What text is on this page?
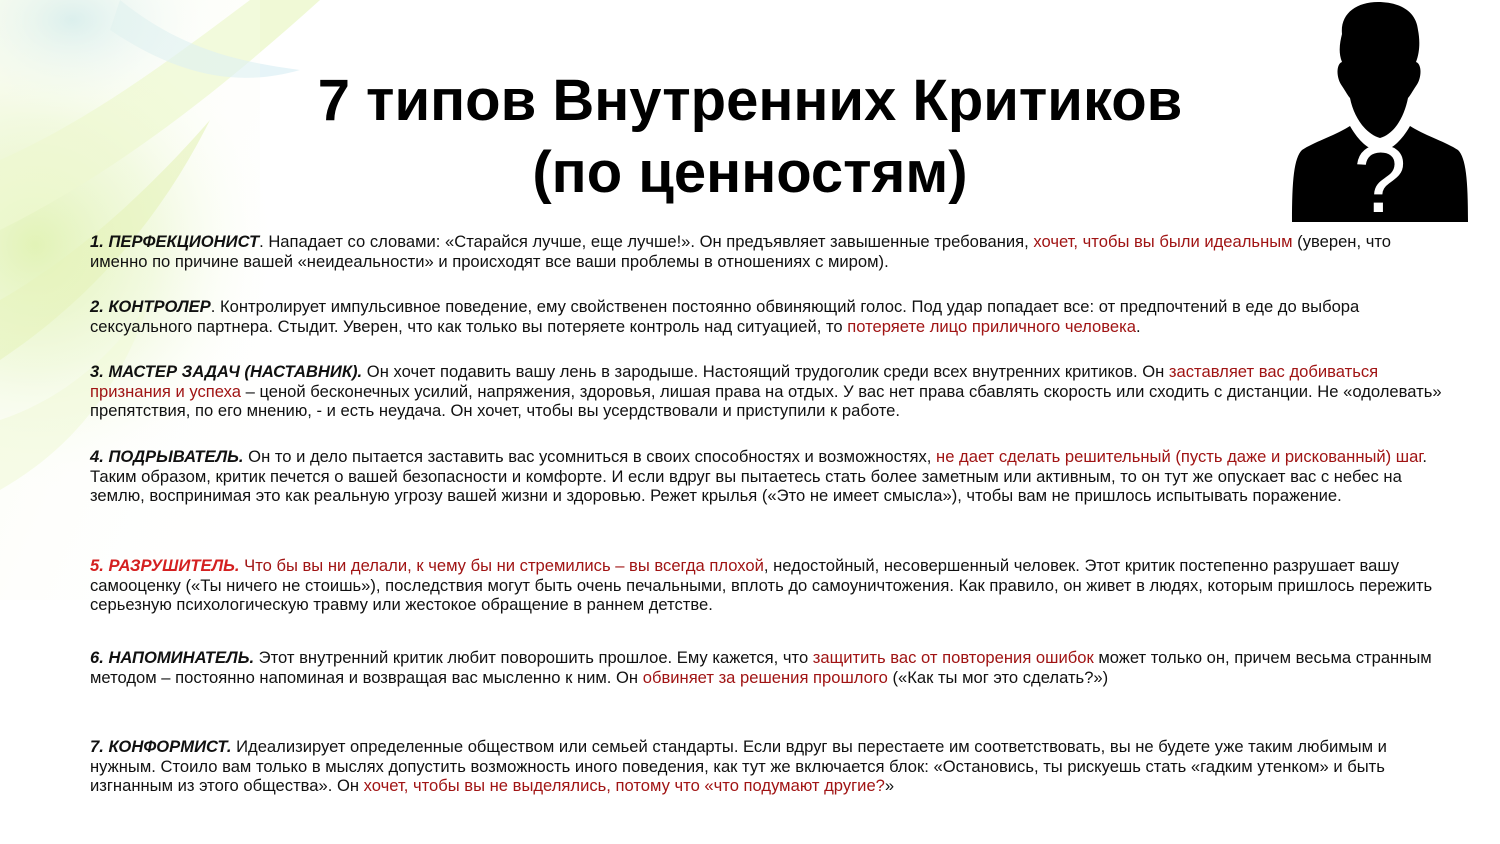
7 типов Внутренних Критиков
(по ценностям)	?

1. ПЕРФЕКЦИОНИСТ. Нападает со словами: «Старайся лучше, еще лучше!». Он предъявляет завышенные требования, хочет, чтобы вы были идеальным (уверен, что именно по причине вашей «неидеальности» и происходят все ваши проблемы в отношениях с миром).

2. КОНТРОЛЕР. Контролирует импульсивное поведение, ему свойственен постоянно обвиняющий голос. Под удар попадает все: от предпочтений в еде до выбора сексуального партнера. Стыдит. Уверен, что как только вы потеряете контроль над ситуацией, то потеряете лицо приличного человека.

3. МАСТЕР ЗАДАЧ (НАСТАВНИК). Он хочет подавить вашу лень в зародыше. Настоящий трудоголик среди всех внутренних критиков. Он заставляет вас добиваться признания и успеха – ценой бесконечных усилий, напряжения, здоровья, лишая права на отдых. У вас нет права сбавлять скорость или сходить с дистанции. Не «одолевать» препятствия, по его мнению, - и есть неудача. Он хочет, чтобы вы усердствовали и приступили к работе.

4. ПОДРЫВАТЕЛЬ. Он то и дело пытается заставить вас усомниться в своих способностях и возможностях, не дает сделать решительный (пусть даже и рискованный) шаг. Таким образом, критик печется о вашей безопасности и комфорте. И если вдруг вы пытаетесь стать более заметным или активным, то он тут же опускает вас с небес на землю, воспринимая это как реальную угрозу вашей жизни и здоровью. Режет крылья («Это не имеет смысла»), чтобы вам не пришлось испытывать поражение.

5. РАЗРУШИТЕЛЬ. Что бы вы ни делали, к чему бы ни стремились – вы всегда плохой, недостойный, несовершенный человек. Этот критик постепенно разрушает вашу самооценку («Ты ничего не стоишь»), последствия могут быть очень печальными, вплоть до самоуничтожения. Как правило, он живет в людях, которым пришлось пережить серьезную психологическую травму или жестокое обращение в раннем детстве.

6. НАПОМИНАТЕЛЬ. Этот внутренний критик любит поворошить прошлое. Ему кажется, что защитить вас от повторения ошибок может только он, причем весьма странным методом – постоянно напоминая и возвращая вас мысленно к ним. Он обвиняет за решения прошлого («Как ты мог это сделать?»)

7. КОНФОРМИСТ. Идеализирует определенные обществом или семьей стандарты. Если вдруг вы перестаете им соответствовать, вы не будете уже таким любимым и нужным. Стоило вам только в мыслях допустить возможность иного поведения, как тут же включается блок: «Остановись, ты рискуешь стать «гадким утенком» и быть изгнанным из этого общества». Он хочет, чтобы вы не выделялись, потому что «что подумают другие?»
